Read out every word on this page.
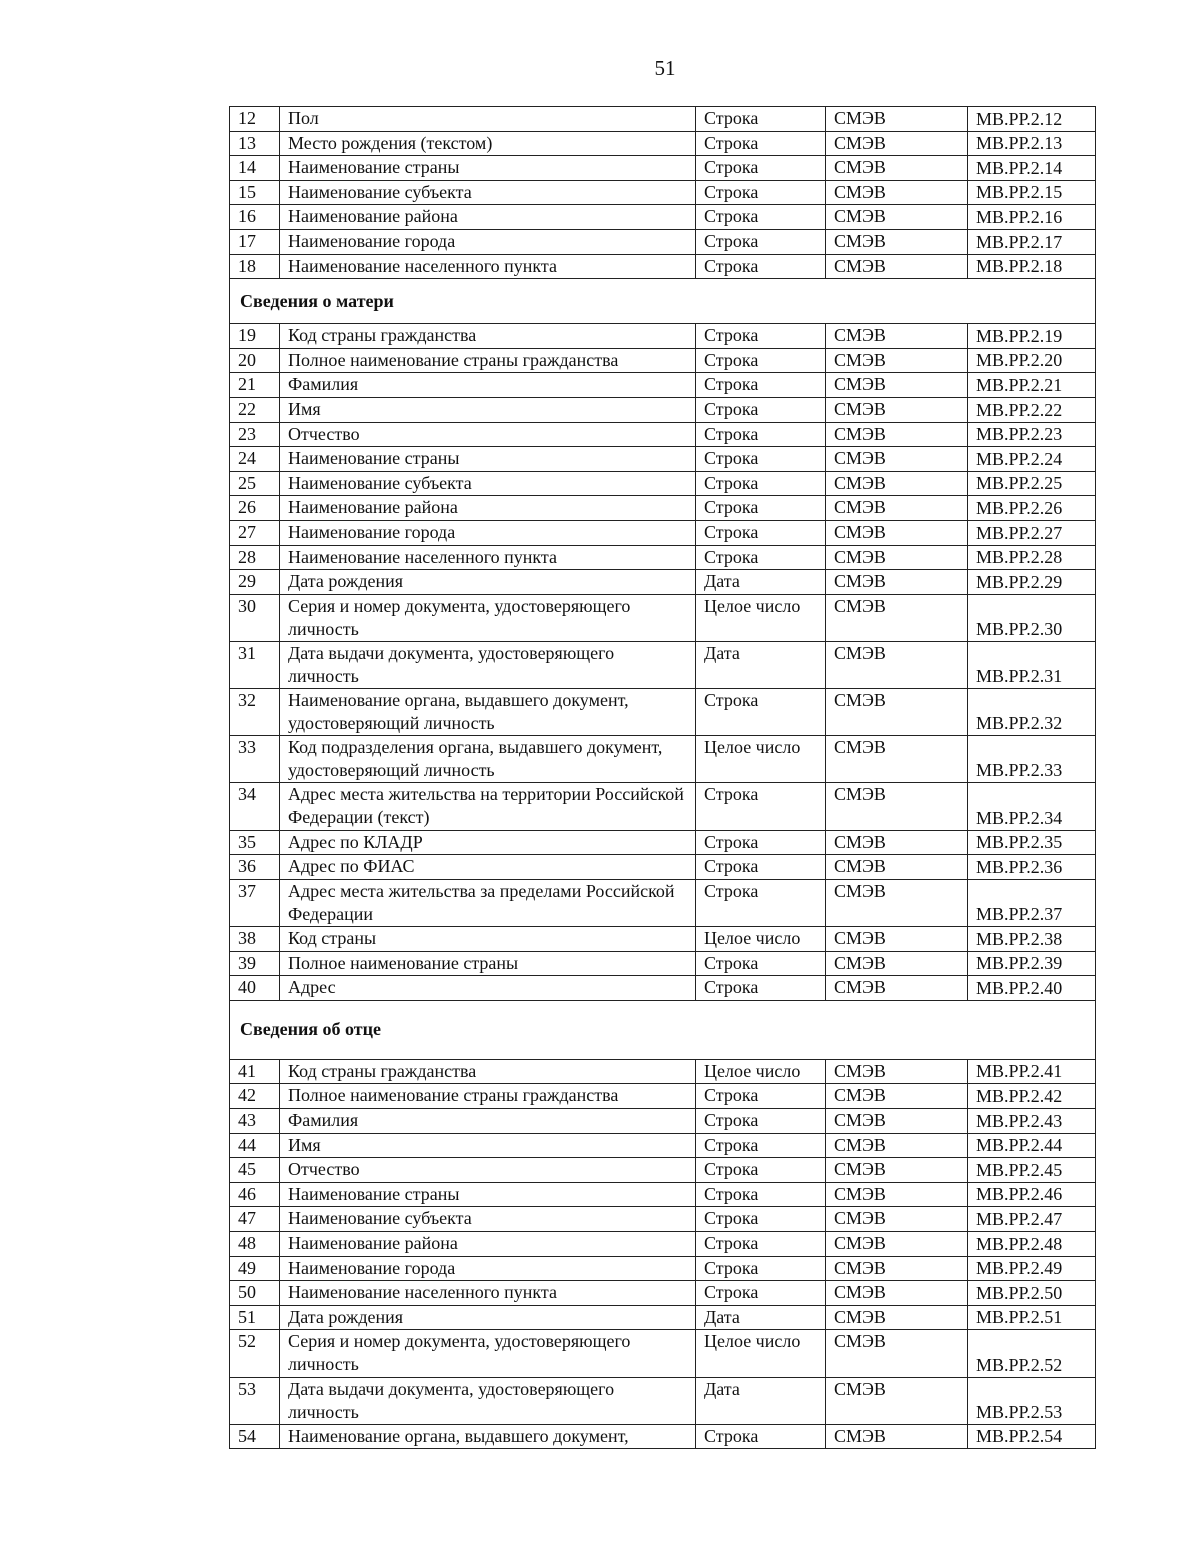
51
12	Пол	Строка	СМЭВ	МВ.РР.2.12
13	Место рождения (текстом)	Строка	СМЭВ	МВ.РР.2.13
14	Наименование страны	Строка	СМЭВ	МВ.РР.2.14
15	Наименование субъекта	Строка	СМЭВ	МВ.РР.2.15
16	Наименование района	Строка	СМЭВ	МВ.РР.2.16
17	Наименование города	Строка	СМЭВ	МВ.РР.2.17
18	Наименование населенного пункта	Строка	СМЭВ	МВ.РР.2.18
Сведения о матери				
19	Код страны гражданства	Строка	СМЭВ	МВ.РР.2.19
20	Полное наименование страны гражданства	Строка	СМЭВ	МВ.РР.2.20
21	Фамилия	Строка	СМЭВ	МВ.РР.2.21
22	Имя	Строка	СМЭВ	МВ.РР.2.22
23	Отчество	Строка	СМЭВ	МВ.РР.2.23
24	Наименование страны	Строка	СМЭВ	МВ.РР.2.24
25	Наименование субъекта	Строка	СМЭВ	МВ.РР.2.25
26	Наименование района	Строка	СМЭВ	МВ.РР.2.26
27	Наименование города	Строка	СМЭВ	МВ.РР.2.27
28	Наименование населенного пункта	Строка	СМЭВ	МВ.РР.2.28
29	Дата рождения	Дата	СМЭВ	МВ.РР.2.29
30	Серия и номер документа, удостоверяющего личность	Целое число	СМЭВ	МВ.РР.2.30
31	Дата выдачи документа, удостоверяющего личность	Дата	СМЭВ	МВ.РР.2.31
32	Наименование органа, выдавшего документ, удостоверяющий личность	Строка	СМЭВ	МВ.РР.2.32
33	Код подразделения органа, выдавшего документ, удостоверяющий личность	Целое число	СМЭВ	МВ.РР.2.33
34	Адрес места жительства на территории Российской Федерации (текст)	Строка	СМЭВ	МВ.РР.2.34
35	Адрес по КЛАДР	Строка	СМЭВ	МВ.РР.2.35
36	Адрес по ФИАС	Строка	СМЭВ	МВ.РР.2.36
37	Адрес места жительства за пределами Российской Федерации	Строка	СМЭВ	МВ.РР.2.37
38	Код страны	Целое число	СМЭВ	МВ.РР.2.38
39	Полное наименование страны	Строка	СМЭВ	МВ.РР.2.39
40	Адрес	Строка	СМЭВ	МВ.РР.2.40
Сведения об отце				
41	Код страны гражданства	Целое число	СМЭВ	МВ.РР.2.41
42	Полное наименование страны гражданства	Строка	СМЭВ	МВ.РР.2.42
43	Фамилия	Строка	СМЭВ	МВ.РР.2.43
44	Имя	Строка	СМЭВ	МВ.РР.2.44
45	Отчество	Строка	СМЭВ	МВ.РР.2.45
46	Наименование страны	Строка	СМЭВ	МВ.РР.2.46
47	Наименование субъекта	Строка	СМЭВ	МВ.РР.2.47
48	Наименование района	Строка	СМЭВ	МВ.РР.2.48
49	Наименование города	Строка	СМЭВ	МВ.РР.2.49
50	Наименование населенного пункта	Строка	СМЭВ	МВ.РР.2.50
51	Дата рождения	Дата	СМЭВ	МВ.РР.2.51
52	Серия и номер документа, удостоверяющего личность	Целое число	СМЭВ	МВ.РР.2.52
53	Дата выдачи документа, удостоверяющего личность	Дата	СМЭВ	МВ.РР.2.53
54	Наименование органа, выдавшего документ,	Строка	СМЭВ	МВ.РР.2.54
